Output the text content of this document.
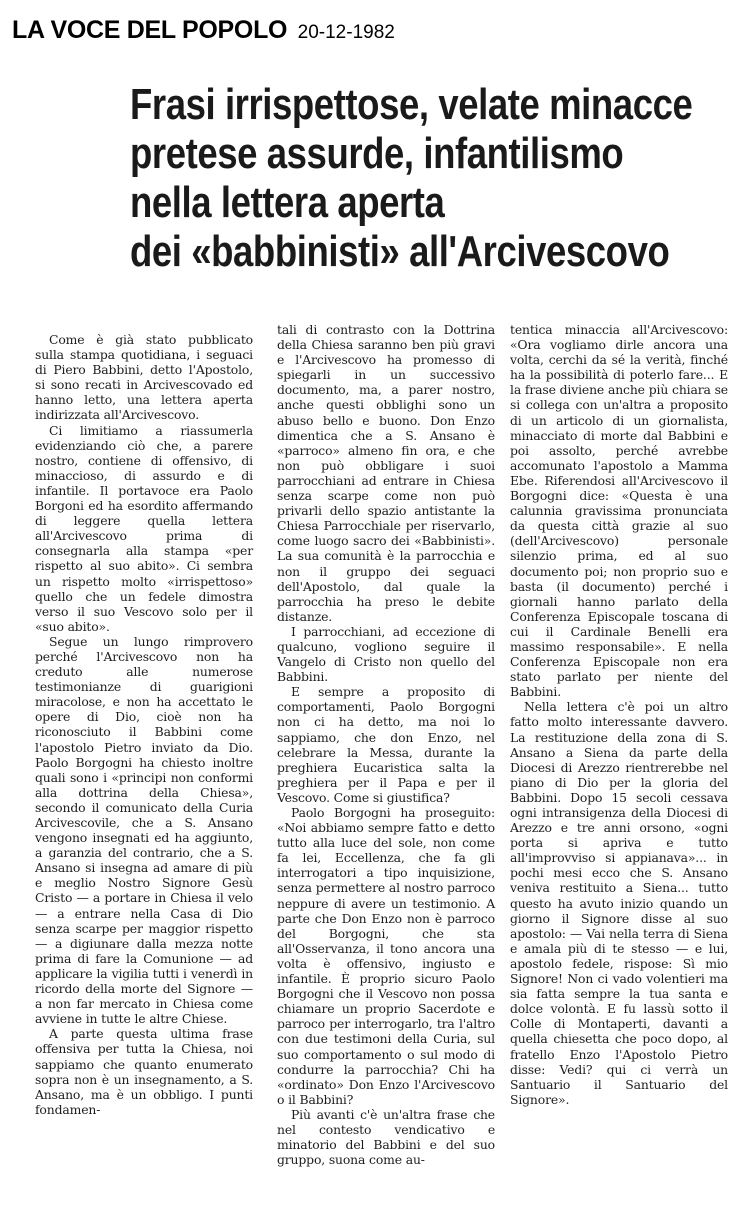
LA VOCE DEL POPOLO 20-12-1982
Frasi irrispettose, velate minacce
pretese assurde, infantilismo
nella lettera aperta
dei «babbinisti» all'Arcivescovo

Come è già stato pubblicato sulla stampa quotidiana, i seguaci di Piero Babbini, detto l'Apostolo, si sono recati in Arcivescovado ed hanno letto, una lettera aperta indirizzata all'Arcivescovo.

Ci limitiamo a riassumerla evidenziando ciò che, a parere nostro, contiene di offensivo, di minaccioso, di assurdo e di infantile. Il portavoce era Paolo Borgoni ed ha esordito affermando di leggere quella lettera all'Arcivescovo prima di consegnarla alla stampa «per rispetto al suo abito». Ci sembra un rispetto molto «irrispettoso» quello che un fedele dimostra verso il suo Vescovo solo per il «suo abito».

Segue un lungo rimprovero perché l'Arcivescovo non ha creduto alle numerose testimonianze di guarigioni miracolose, e non ha accettato le opere di Dio, cioè non ha riconosciuto il Babbini come l'apostolo Pietro inviato da Dio. Paolo Borgogni ha chiesto inoltre quali sono i «principi non conformi alla dottrina della Chiesa», secondo il comunicato della Curia Arcivescovile, che a S. Ansano vengono insegnati ed ha aggiunto, a garanzia del contrario, che a S. Ansano si insegna ad amare di più e meglio Nostro Signore Gesù Cristo — a portare in Chiesa il velo — a entrare nella Casa di Dio senza scarpe per maggior rispetto — a digiunare dalla mezza notte prima di fare la Comunione — ad applicare la vigilia tutti i venerdì in ricordo della morte del Signore — a non far mercato in Chiesa come avviene in tutte le altre Chiese.

A parte questa ultima frase offensiva per tutta la Chiesa, noi sappiamo che quanto enumerato sopra non è un insegnamento, a S. Ansano, ma è un obbligo. I punti fondamen-

tali di contrasto con la Dottrina della Chiesa saranno ben più gravi e l'Arcivescovo ha promesso di spiegarli in un successivo documento, ma, a parer nostro, anche questi obblighi sono un abuso bello e buono. Don Enzo dimentica che a S. Ansano è «parroco» almeno fin ora, e che non può obbligare i suoi parrocchiani ad entrare in Chiesa senza scarpe come non può privarli dello spazio antistante la Chiesa Parrocchiale per riservarlo, come luogo sacro dei «Babbinisti». La sua comunità è la parrocchia e non il gruppo dei seguaci dell'Apostolo, dal quale la parrocchia ha preso le debite distanze.

I parrocchiani, ad eccezione di qualcuno, vogliono seguire il Vangelo di Cristo non quello del Babbini.

E sempre a proposito di comportamenti, Paolo Borgogni non ci ha detto, ma noi lo sappiamo, che don Enzo, nel celebrare la Messa, durante la preghiera Eucaristica salta la preghiera per il Papa e per il Vescovo. Come si giustifica?

Paolo Borgogni ha proseguito: «Noi abbiamo sempre fatto e detto tutto alla luce del sole, non come fa lei, Eccellenza, che fa gli interrogatori a tipo inquisizione, senza permettere al nostro parroco neppure di avere un testimonio. A parte che Don Enzo non è parroco del Borgogni, che sta all'Osservanza, il tono ancora una volta è offensivo, ingiusto e infantile. È proprio sicuro Paolo Borgogni che il Vescovo non possa chiamare un proprio Sacerdote e parroco per interrogarlo, tra l'altro con due testimoni della Curia, sul suo comportamento o sul modo di condurre la parrocchia? Chi ha «ordinato» Don Enzo l'Arcivescovo o il Babbini?

Più avanti c'è un'altra frase che nel contesto vendicativo e minatorio del Babbini e del suo gruppo, suona come au-

tentica minaccia all'Arcivescovo: «Ora vogliamo dirle ancora una volta, cerchi da sé la verità, finché ha la possibilità di poterlo fare... E la frase diviene anche più chiara se si collega con un'altra a proposito di un articolo di un giornalista, minacciato di morte dal Babbini e poi assolto, perché avrebbe accomunato l'apostolo a Mamma Ebe. Riferendosi all'Arcivescovo il Borgogni dice: «Questa è una calunnia gravissima pronunciata da questa città grazie al suo (dell'Arcivescovo) personale silenzio prima, ed al suo documento poi; non proprio suo e basta (il documento) perché i giornali hanno parlato della Conferenza Episcopale toscana di cui il Cardinale Benelli era massimo responsabile». E nella Conferenza Episcopale non era stato parlato per niente del Babbini.

Nella lettera c'è poi un altro fatto molto interessante davvero. La restituzione della zona di S. Ansano a Siena da parte della Diocesi di Arezzo rientrerebbe nel piano di Dio per la gloria del Babbini. Dopo 15 secoli cessava ogni intransigenza della Diocesi di Arezzo e tre anni orsono, «ogni porta si apriva e tutto all'improvviso si appianava»... in pochi mesi ecco che S. Ansano veniva restituito a Siena... tutto questo ha avuto inizio quando un giorno il Signore disse al suo apostolo: — Vai nella terra di Siena e amala più di te stesso — e lui, apostolo fedele, rispose: Sì mio Signore! Non ci vado volentieri ma sia fatta sempre la tua santa e dolce volontà. E fu lassù sotto il Colle di Montaperti, davanti a quella chiesetta che poco dopo, al fratello Enzo l'Apostolo Pietro disse: Vedi? qui ci verrà un Santuario il Santuario del Signore».
